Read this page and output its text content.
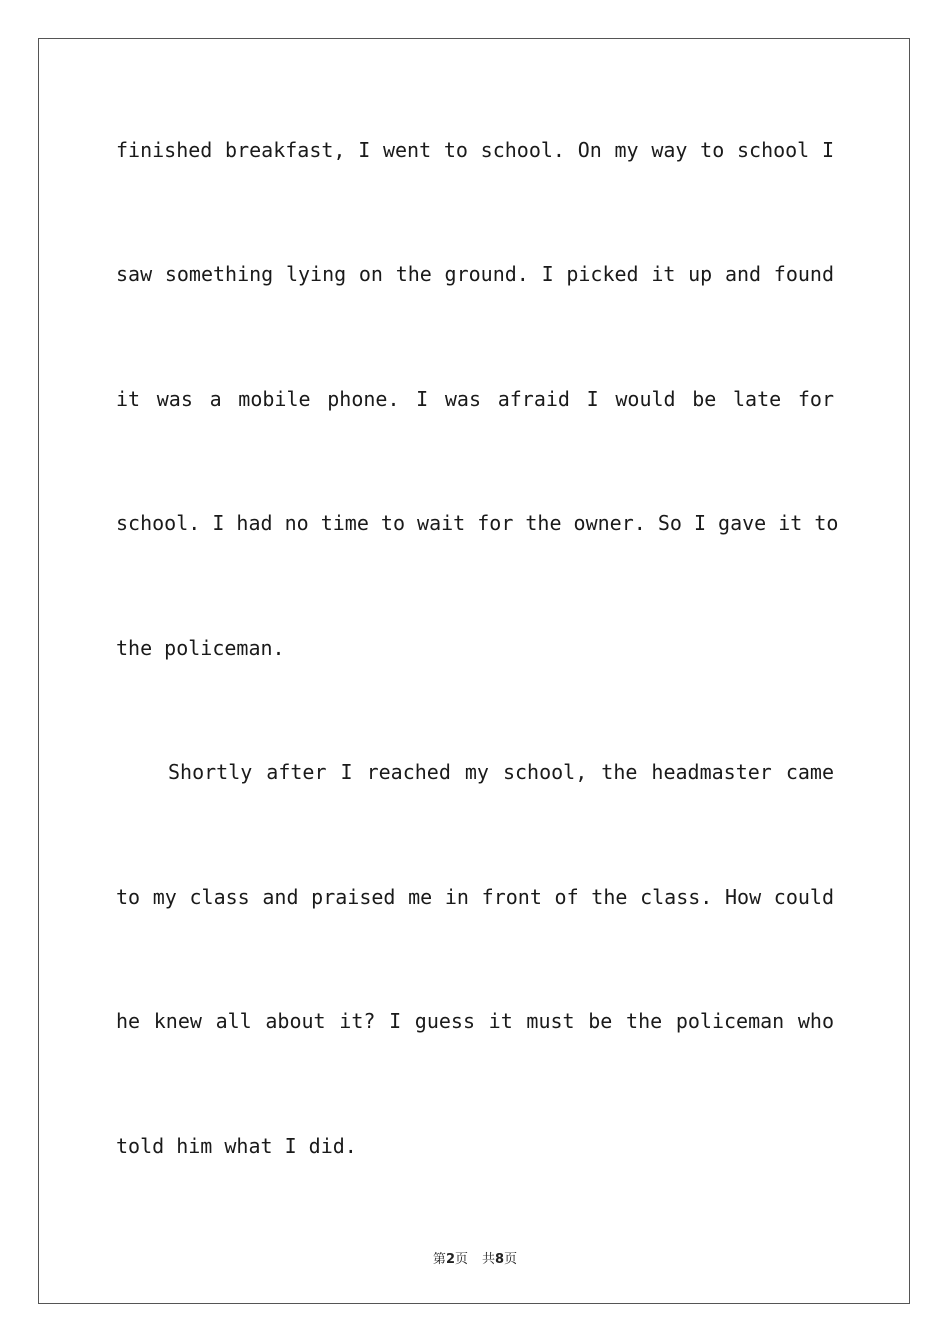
finished breakfast, I went to school. On my way to school I
saw something lying on the ground. I picked it up and found
it was a mobile phone. I was afraid I would be late for
school. I had no time to wait for the owner. So I gave it to
the policeman.
Shortly after I reached my school, the headmaster came
to my class and praised me in front of the class. How could
he knew all about it? I guess it must be the policeman who
told him what I did.
第2页 共8页
